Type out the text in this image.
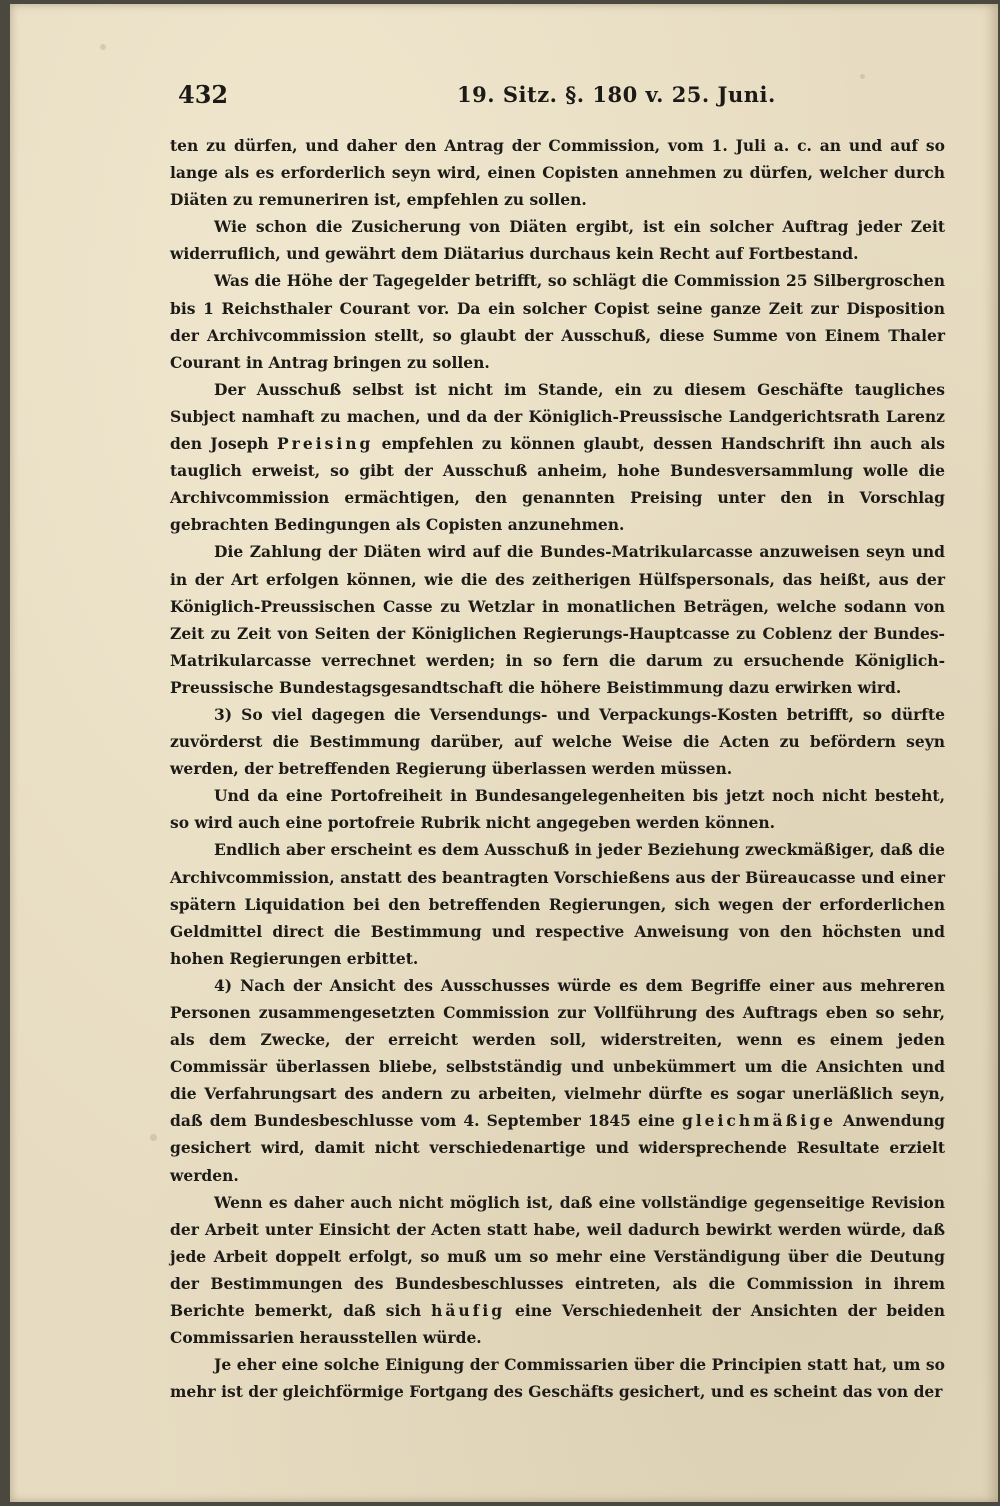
432	19. Sitz. §. 180 v. 25. Juni.

ten zu dürfen, und daher den Antrag der Commission, vom 1. Juli a. c. an und auf so lange als es erforderlich seyn wird, einen Copisten annehmen zu dürfen, welcher durch Diäten zu remuneriren ist, empfehlen zu sollen.

Wie schon die Zusicherung von Diäten ergibt, ist ein solcher Auftrag jeder Zeit widerruflich, und gewährt dem Diätarius durchaus kein Recht auf Fortbestand.

Was die Höhe der Tagegelder betrifft, so schlägt die Commission 25 Silbergroschen bis 1 Reichsthaler Courant vor. Da ein solcher Copist seine ganze Zeit zur Disposition der Archivcommission stellt, so glaubt der Ausschuß, diese Summe von Einem Thaler Courant in Antrag bringen zu sollen.

Der Ausschuß selbst ist nicht im Stande, ein zu diesem Geschäfte taugliches Subject namhaft zu machen, und da der Königlich-Preussische Landgerichtsrath Larenz den Joseph Preising empfehlen zu können glaubt, dessen Handschrift ihn auch als tauglich erweist, so gibt der Ausschuß anheim, hohe Bundesversammlung wolle die Archivcommission ermächtigen, den genannten Preising unter den in Vorschlag gebrachten Bedingungen als Copisten anzunehmen.

Die Zahlung der Diäten wird auf die Bundes-Matrikularcasse anzuweisen seyn und in der Art erfolgen können, wie die des zeitherigen Hülfspersonals, das heißt, aus der Königlich-Preussischen Casse zu Wetzlar in monatlichen Beträgen, welche sodann von Zeit zu Zeit von Seiten der Königlichen Regierungs-Hauptcasse zu Coblenz der Bundes-Matrikularcasse verrechnet werden; in so fern die darum zu ersuchende Königlich-Preussische Bundestagsgesandtschaft die höhere Beistimmung dazu erwirken wird.

3) So viel dagegen die Versendungs- und Verpackungs-Kosten betrifft, so dürfte zuvörderst die Bestimmung darüber, auf welche Weise die Acten zu befördern seyn werden, der betreffenden Regierung überlassen werden müssen.

Und da eine Portofreiheit in Bundesangelegenheiten bis jetzt noch nicht besteht, so wird auch eine portofreie Rubrik nicht angegeben werden können.

Endlich aber erscheint es dem Ausschuß in jeder Beziehung zweckmäßiger, daß die Archivcommission, anstatt des beantragten Vorschießens aus der Büreaucasse und einer spätern Liquidation bei den betreffenden Regierungen, sich wegen der erforderlichen Geldmittel direct die Bestimmung und respective Anweisung von den höchsten und hohen Regierungen erbittet.

4) Nach der Ansicht des Ausschusses würde es dem Begriffe einer aus mehreren Personen zusammengesetzten Commission zur Vollführung des Auftrags eben so sehr, als dem Zwecke, der erreicht werden soll, widerstreiten, wenn es einem jeden Commissär überlassen bliebe, selbstständig und unbekümmert um die Ansichten und die Verfahrungsart des andern zu arbeiten, vielmehr dürfte es sogar unerläßlich seyn, daß dem Bundesbeschlusse vom 4. September 1845 eine gleichmäßige Anwendung gesichert wird, damit nicht verschiedenartige und widersprechende Resultate erzielt werden.

Wenn es daher auch nicht möglich ist, daß eine vollständige gegenseitige Revision der Arbeit unter Einsicht der Acten statt habe, weil dadurch bewirkt werden würde, daß jede Arbeit doppelt erfolgt, so muß um so mehr eine Verständigung über die Deutung der Bestimmungen des Bundesbeschlusses eintreten, als die Commission in ihrem Berichte bemerkt, daß sich häufig eine Verschiedenheit der Ansichten der beiden Commissarien herausstellen würde.

Je eher eine solche Einigung der Commissarien über die Principien statt hat, um so mehr ist der gleichförmige Fortgang des Geschäfts gesichert, und es scheint das von der
